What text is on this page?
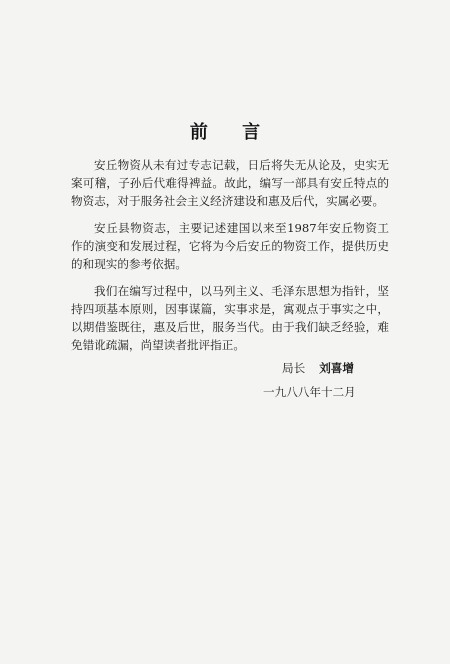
前 言

安丘物资从未有过专志记载，日后将失无从论及，史实无案可稽，子孙后代难得裨益。故此，编写一部具有安丘特点的物资志，对于服务社会主义经济建设和惠及后代，实属必要。

安丘县物资志，主要记述建国以来至1987年安丘物资工作的演变和发展过程，它将为今后安丘的物资工作，提供历史的和现实的参考依据。

我们在编写过程中，以马列主义、毛泽东思想为指针，坚持四项基本原则，因事谋篇，实事求是，寓观点于事实之中，以期借鉴既往，惠及后世，服务当代。由于我们缺乏经验，难免错讹疏漏，尚望读者批评指正。

局长 刘喜增
一九八八年十二月
